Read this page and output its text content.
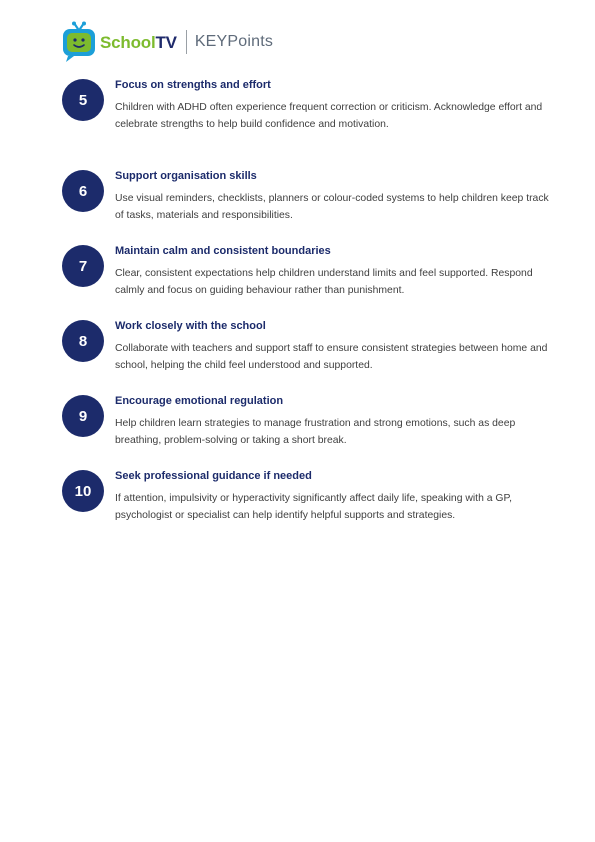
SchoolTV KEYPoints
5
Focus on strengths and effort

Children with ADHD often experience frequent correction or criticism. Acknowledge effort and celebrate strengths to help build confidence and motivation.

6
Support organisation skills

Use visual reminders, checklists, planners or colour-coded systems to help children keep track of tasks, materials and responsibilities.

7
Maintain calm and consistent boundaries

Clear, consistent expectations help children understand limits and feel supported. Respond calmly and focus on guiding behaviour rather than punishment.

8
Work closely with the school

Collaborate with teachers and support staff to ensure consistent strategies between home and school, helping the child feel understood and supported.

9
Encourage emotional regulation

Help children learn strategies to manage frustration and strong emotions, such as deep breathing, problem-solving or taking a short break.

10
Seek professional guidance if needed

If attention, impulsivity or hyperactivity significantly affect daily life, speaking with a GP, psychologist or specialist can help identify helpful supports and strategies.
